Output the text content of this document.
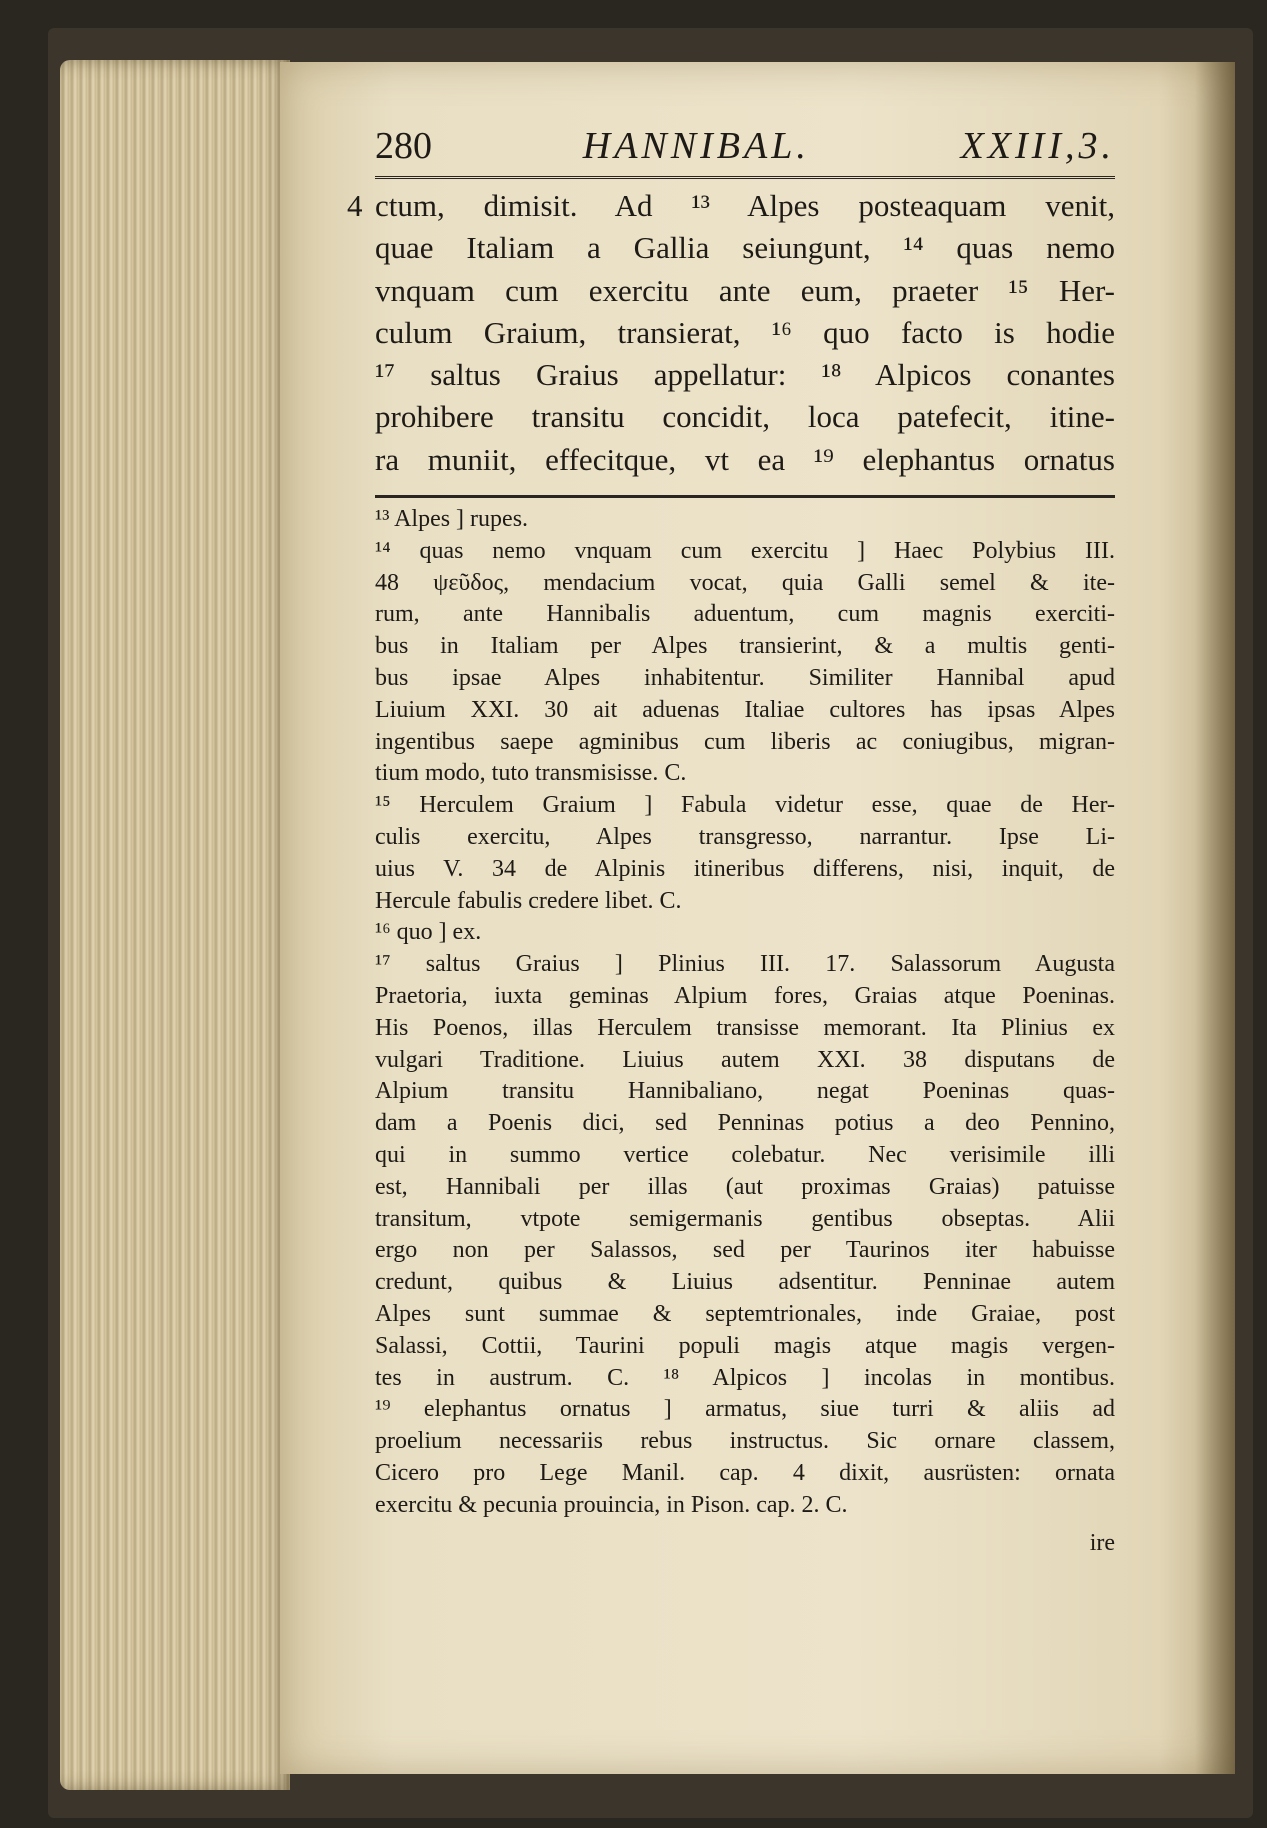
280	HANNIBAL.	XXIII,3.
4 ctum, dimisit. Ad ¹³ Alpes posteaquam venit,
quae Italiam a Gallia seiungunt, ¹⁴ quas nemo
vnquam cum exercitu ante eum, praeter ¹⁵ Her-
culum Graium, transierat, ¹⁶ quo facto is hodie
¹⁷ saltus Graius appellatur: ¹⁸ Alpicos conantes
prohibere transitu concidit, loca patefecit, itine-
ra muniit, effecitque, vt ea ¹⁹ elephantus ornatus
¹³ Alpes ] rupes.
¹⁴ quas nemo vnquam cum exercitu ] Haec Polybius III.
48 ψεῦδος, mendacium vocat, quia Galli semel & ite-
rum, ante Hannibalis aduentum, cum magnis exerciti-
bus in Italiam per Alpes transierint, & a multis genti-
bus ipsae Alpes inhabitentur. Similiter Hannibal apud
Liuium XXI. 30 ait aduenas Italiae cultores has ipsas Alpes
ingentibus saepe agminibus cum liberis ac coniugibus, migran-
tium modo, tuto transmisisse. C.
¹⁵ Herculem Graium ] Fabula videtur esse, quae de Her-
culis exercitu, Alpes transgresso, narrantur. Ipse Li-
uius V. 34 de Alpinis itineribus differens, nisi, inquit, de
Hercule fabulis credere libet. C.
¹⁶ quo ] ex.
¹⁷ saltus Graius ] Plinius III. 17. Salassorum Augusta
Praetoria, iuxta geminas Alpium fores, Graias atque Poeninas.
His Poenos, illas Herculem transisse memorant. Ita Plinius ex
vulgari Traditione. Liuius autem XXI. 38 disputans de
Alpium transitu Hannibaliano, negat Poeninas quas-
dam a Poenis dici, sed Penninas potius a deo Pennino,
qui in summo vertice colebatur. Nec verisimile illi
est, Hannibali per illas (aut proximas Graias) patuisse
transitum, vtpote semigermanis gentibus obseptas. Alii
ergo non per Salassos, sed per Taurinos iter habuisse
credunt, quibus & Liuius adsentitur. Penninae autem
Alpes sunt summae & septemtrionales, inde Graiae, post
Salassi, Cottii, Taurini populi magis atque magis vergen-
tes in austrum. C. ¹⁸ Alpicos ] incolas in montibus.
¹⁹ elephantus ornatus ] armatus, siue turri & aliis ad
proelium necessariis rebus instructus. Sic ornare classem,
Cicero pro Lege Manil. cap. 4 dixit, ausrüsten: ornata
exercitu & pecunia prouincia, in Pison. cap. 2. C.
ire
